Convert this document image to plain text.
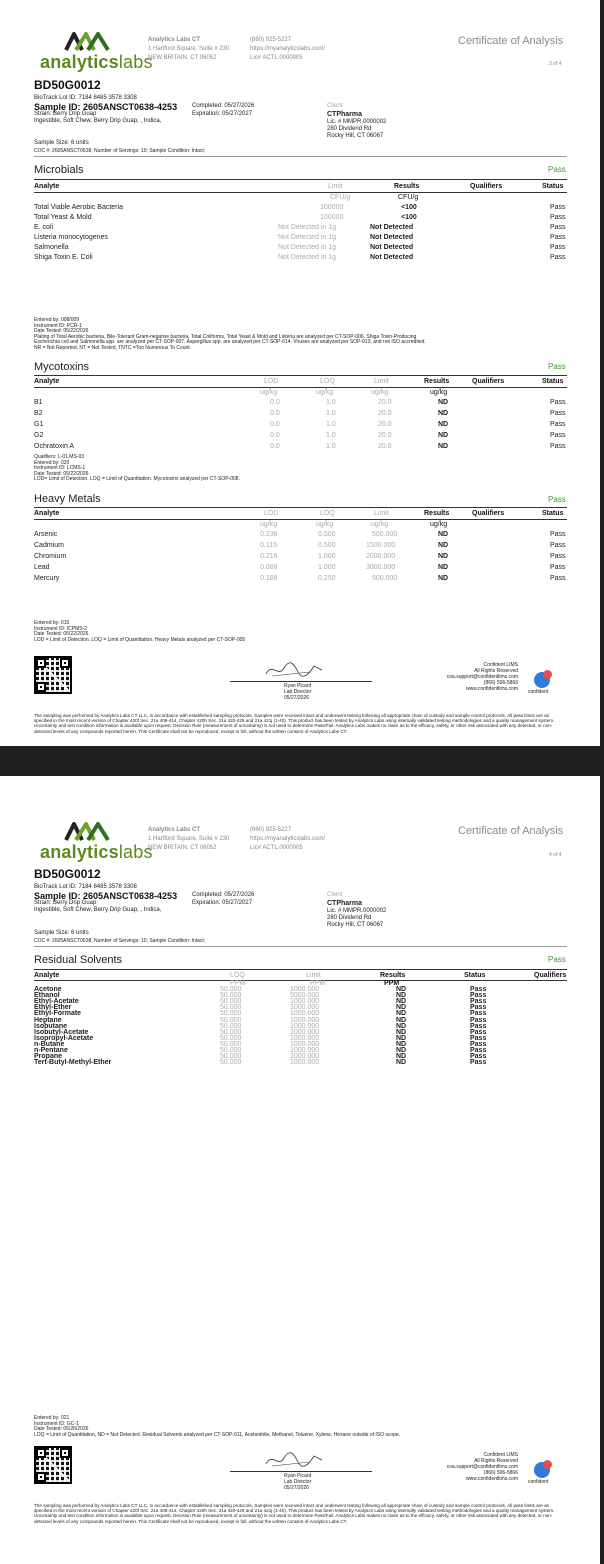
analyticslabs
Analytics Labs CT
1 Hartford Square, Suite # 230
NEW BRITAIN, CT 06052
(860) 925-5227
https://myanalyticslabs.com/
Lic# ACTL.0000005
Certificate of Analysis
3 of 4
BD50G0012
BioTrack Lot ID: 7184 8485 3578 3308
Sample ID: 2605ANSCT0638-4253 Completed: 05/27/2026
Expiration: 05/27/2027
Strain: Berry Drip Guap
Ingestible, Soft Chew, Berry Drip Guap, , Indica,
Client
CTPharma
Lic. # MMPR.0000002
280 Dividend Rd
Rocky Hill, CT 06067
Sample Size: 6 units
COC #: 2605ANSCT0638; Number of Servings: 10; Sample Condition: Intact;
Microbials	Pass
Analyte	Limit	Results	Qualifiers	Status
CFU/g	CFU/g
Total Viable Aerobic Bacteria	100000	<100	Pass
Total Yeast & Mold	100000	<100	Pass
E. coli	Not Detected in 1g	Not Detected	Pass
Listeria monocytogenes	Not Detected in 1g	Not Detected	Pass
Salmonella	Not Detected in 1g	Not Detected	Pass
Shiga Toxin E. Coli	Not Detected in 1g	Not Detected	Pass
Entered by: 008/009
Instrument ID: PCR-1
Date Tested: 05/22/2026
Plating of Total Aerobic bacteria, Bile-Tolerant Gram-negative bacteria, Total Coliforms, Total Yeast & Mold and Listeria are analyzed per CT-SOP-006. Shiga Toxin-Producing
Escherichia coli and Salmonella spp. are analyzed per CT-SOP-007. Aspergillus spp. are analyzed per CT-SOP-014. Viruses are analyzed per SOP-013, and not ISO accredited.
NR = Not Reported, NT = Not Tested, TNTC =Too Numerous To Count.
Mycotoxins	Pass
Analyte	LOD	LOQ	Limit	Results	Qualifiers	Status
ug/kg	ug/kg	ug/kg	ug/kg
B1	0.0	1.0	20.0	ND	Pass
B2	0.0	1.0	20.0	ND	Pass
G1	0.0	1.0	20.0	ND	Pass
G2	0.0	1.0	20.0	ND	Pass
Ochratoxin A	0.0	1.0	20.0	ND	Pass
Qualifiers: L-01,MS-03
Entered by: 020
Instrument ID: LCMS-1
Date Tested: 05/22/2026
LOD= Limit of Detection, LOQ = Limit of Quantitation. Mycotoxins analyzed per CT-SOP-008.
Heavy Metals	Pass
Analyte	LOD	LOQ	Limit	Results	Qualifiers	Status
ug/kg	ug/kg	ug/kg	ug/kg
Arsenic	0.236	0.500	500.000	ND	Pass
Cadmium	0.115	0.500	1500.000	ND	Pass
Chromium	0.216	1.000	2000.000	ND	Pass
Lead	0.088	1.000	3000.000	ND	Pass
Mercury	0.188	0.250	500.000	ND	Pass
Entered by: 015
Instrument ID: ICPMS-2
Date Tested: 05/22/2026
LOD = Limit of Detection. LOQ = Limit of Quantitation. Heavy Metals analyzed per CT-SOP-005
Ryan Picard
Lab Director
05/27/2026
Confident LIMS
All Rights Reserved
coa.support@confidentlims.com
(866) 506-5866
www.confidentlims.com confident
The sampling was performed by Analytics Labs CT LLC, in accordance with established sampling protocols. Samples were received intact and underwent testing following all appropriate chain of custody and sample control protocols. All pass limits are as specified in the most recent version of Chapter 420f Sec. 21a 408-414, Chapter 420h Sec. 21a 420-429 and 21a 421j (1-40). This product has been tested by Analytics Labs using internally validated testing methodologies and a quality management system. Uncertainty and test condition information is available upon request. Decision Rule (measurement of uncertainty) is not used to determine Pass/Fail. Analytics Labs makes no claim as to the efficacy, safety, or other risk associated with any detected, or non-detected levels of any compounds reported herein. This Certificate shall not be reproduced, except in full, without the written consent of Analytics Labs CT.
analyticslabs
Analytics Labs CT
1 Hartford Square, Suite # 230
NEW BRITAIN, CT 06052
(860) 925-5227
https://myanalyticslabs.com/
Lic# ACTL.0000005
Certificate of Analysis
4 of 4
BD50G0012
BioTrack Lot ID: 7184 8485 3578 3308
Sample ID: 2605ANSCT0638-4253 Completed: 05/27/2026
Expiration: 05/27/2027
Strain: Berry Drip Guap
Ingestible, Soft Chew, Berry Drip Guap, , Indica,
Client
CTPharma
Lic. # MMPR.0000002
280 Dividend Rd
Rocky Hill, CT 06067
Sample Size: 6 units
COC #: 2605ANSCT0638; Number of Servings: 10; Sample Condition: Intact;
Residual Solvents	Pass
Analyte	LOQ	Limit	Results	Status	Qualifiers
PPM	PPM	PPM
Acetone	50.000	1000.000	ND	Pass
Ethanol	50.000	5000.000	ND	Pass
Ethyl-Acetate	50.000	1000.000	ND	Pass
Ethyl-Ether	50.000	1000.000	ND	Pass
Ethyl-Formate	50.000	1000.000	ND	Pass
Heptane	50.000	1000.000	ND	Pass
Isobutane	50.000	1000.000	ND	Pass
Isobutyl-Acetate	50.000	1000.000	ND	Pass
Isopropyl-Acetate	50.000	1000.000	ND	Pass
n-Butane	50.000	1000.000	ND	Pass
n-Pentane	50.000	1000.000	ND	Pass
Propane	50.000	1000.000	ND	Pass
Tert-Butyl-Methyl-Ether	50.000	1000.000	ND	Pass
Entered by: 021
Instrument ID: GC-1
Date Tested: 05/26/2026
LOQ = Limit of Quantitation, ND = Not Detected. Residual Solvents analyzed per CT-SOP-011, Acetonitrile, Methanol, Toluene, Xylene, Hexane outside of ISO scope.
Ryan Picard
Lab Director
05/27/2026
Confident LIMS
All Rights Reserved
coa.support@confidentlims.com
(866) 506-5866
www.confidentlims.com confident
The sampling was performed by Analytics Labs CT LLC, in accordance with established sampling protocols. Samples were received intact and underwent testing following all appropriate chain of custody and sample control protocols. All pass limits are as specified in the most recent version of Chapter 420f Sec. 21a 408-414, Chapter 420h Sec. 21a 420-429 and 21a 421j (1-40). This product has been tested by Analytics Labs using internally validated testing methodologies and a quality management system. Uncertainty and test condition information is available upon request. Decision Rule (measurement of uncertainty) is not used to determine Pass/Fail. Analytics Labs makes no claim as to the efficacy, safety, or other risk associated with any detected, or non-detected levels of any compounds reported herein. This Certificate shall not be reproduced, except in full, without the written consent of Analytics Labs CT.
